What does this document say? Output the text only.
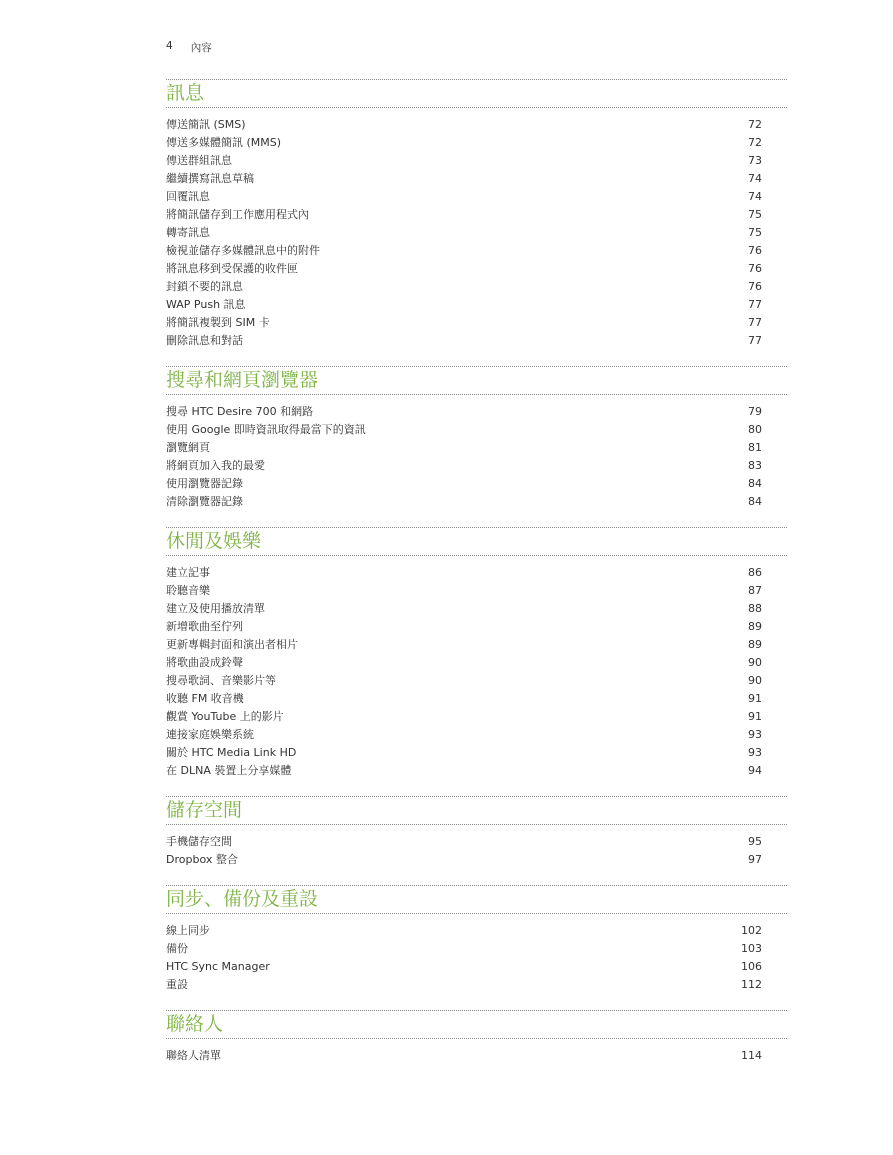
4 內容
訊息
傳送簡訊 (SMS)	72
傳送多媒體簡訊 (MMS)	72
傳送群組訊息	73
繼續撰寫訊息草稿	74
回覆訊息	74
將簡訊儲存到工作應用程式內	75
轉寄訊息	75
檢視並儲存多媒體訊息中的附件	76
將訊息移到受保護的收件匣	76
封鎖不要的訊息	76
WAP Push 訊息	77
將簡訊複製到 SIM 卡	77
刪除訊息和對話	77
搜尋和網頁瀏覽器
搜尋 HTC Desire 700 和網路	79
使用 Google 即時資訊取得最當下的資訊	80
瀏覽網頁	81
將網頁加入我的最愛	83
使用瀏覽器記錄	84
清除瀏覽器記錄	84
休閒及娛樂
建立記事	86
聆聽音樂	87
建立及使用播放清單	88
新增歌曲至佇列	89
更新專輯封面和演出者相片	89
將歌曲設成鈴聲	90
搜尋歌詞、音樂影片等	90
收聽 FM 收音機	91
觀賞 YouTube 上的影片	91
連接家庭娛樂系統	93
關於 HTC Media Link HD	93
在 DLNA 裝置上分享媒體	94
儲存空間
手機儲存空間	95
Dropbox 整合	97
同步、備份及重設
線上同步	102
備份	103
HTC Sync Manager	106
重設	112
聯絡人
聯絡人清單	114
